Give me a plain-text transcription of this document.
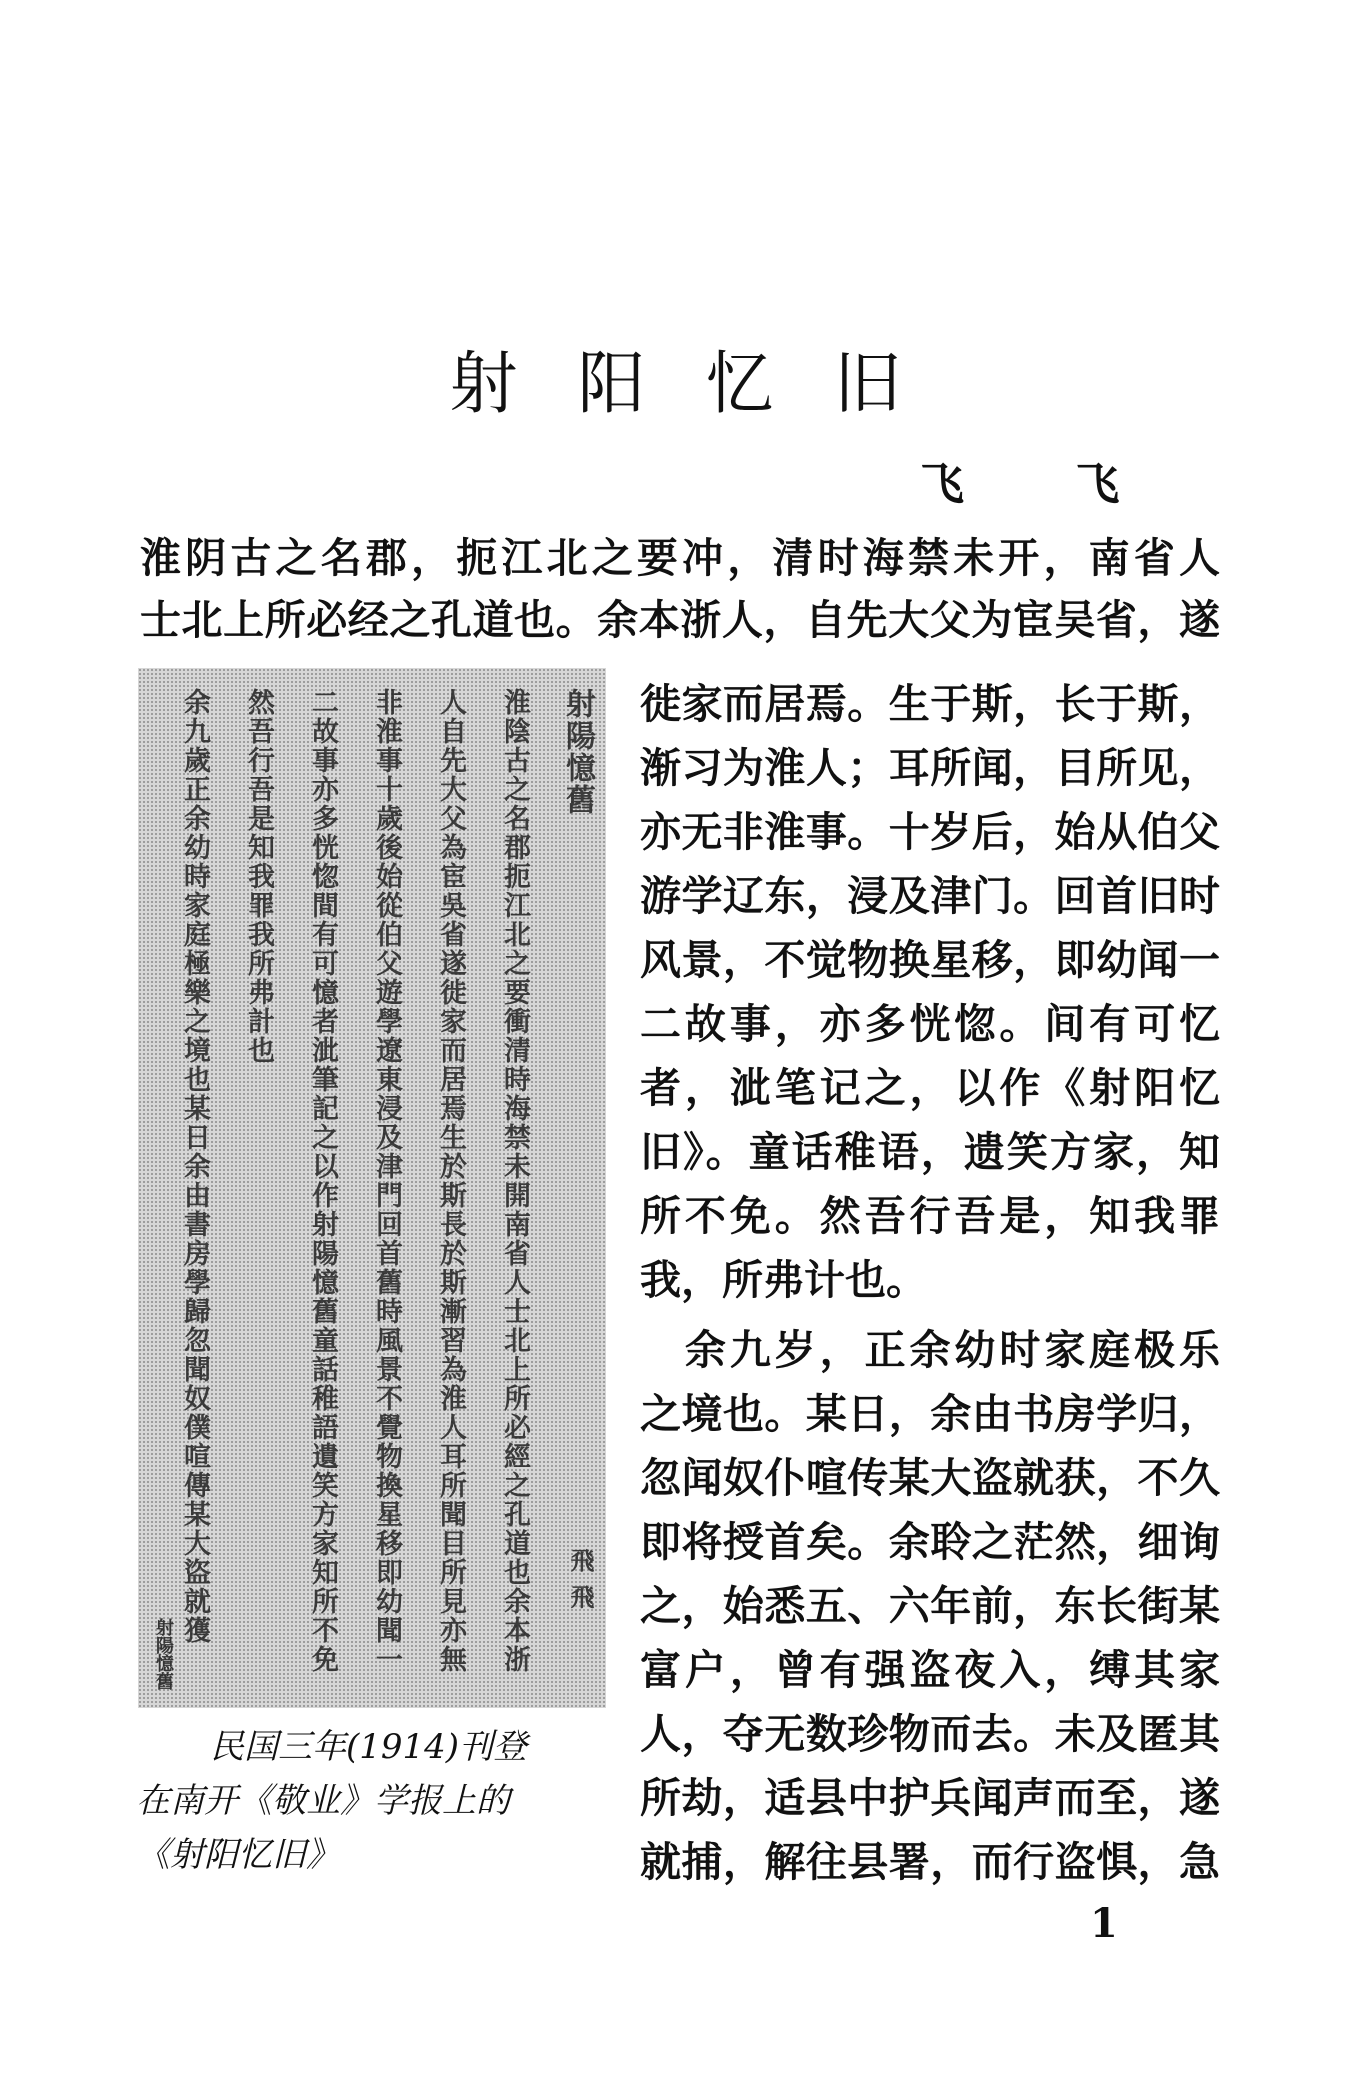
射阳忆旧
飞 飞
淮阴古之名郡，扼江北之要冲，清时海禁未开，南省人
士北上所必经之孔道也。余本浙人，自先大父为宦吴省，遂
射陽憶舊
飛 飛
淮陰古之名郡扼江北之要衝清時海禁未開南省人士北上所必經之孔道也余本浙
人自先大父為宦吳省遂徙家而居焉生於斯長於斯漸習為淮人耳所聞目所見亦無
非淮事十歲後始從伯父遊學遼東浸及津門回首舊時風景不覺物換星移即幼聞一
二故事亦多恍惚間有可憶者泚筆記之以作射陽憶舊童話稚語遺笑方家知所不免
然吾行吾是知我罪我所弗計也
余九歲正余幼時家庭極樂之境也某日余由書房學歸忽聞奴僕喧傳某大盜就獲
射陽憶舊
徙家而居焉。生于斯，长于斯，
渐习为淮人；耳所闻，目所见，
亦无非淮事。十岁后，始从伯父
游学辽东，浸及津门。回首旧时
风景，不觉物换星移，即幼闻一
二故事，亦多恍惚。间有可忆
者，泚笔记之，以作《射阳忆
旧》。童话稚语，遗笑方家，知
所不免。然吾行吾是，知我罪
我，所弗计也。
　余九岁，正余幼时家庭极乐
之境也。某日，余由书房学归，
忽闻奴仆喧传某大盗就获，不久
即将授首矣。余聆之茫然，细询
之，始悉五、六年前，东长街某
富户，曾有强盗夜入，缚其家
人，夺无数珍物而去。未及匿其
所劫，适县中护兵闻声而至，遂
就捕，解往县署，而行盗惧，急
民国三年(1914)刊登
在南开《敬业》学报上的
《射阳忆旧》
1
